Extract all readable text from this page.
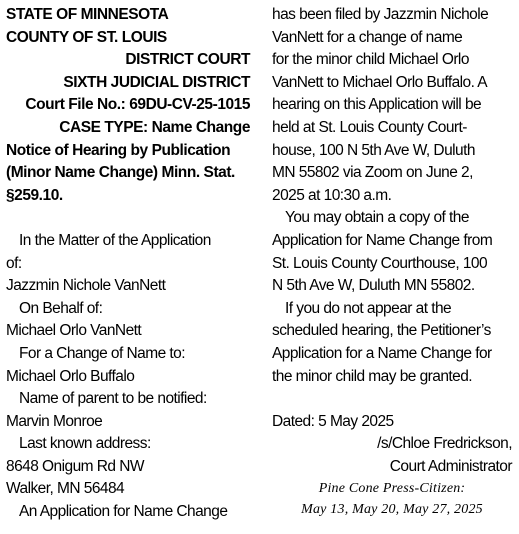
STATE OF MINNESOTA
COUNTY OF ST. LOUIS
DISTRICT COURT
SIXTH JUDICIAL DISTRICT
Court File No.: 69DU-CV-25-1015
CASE TYPE: Name Change
Notice of Hearing by Publication
(Minor Name Change) Minn. Stat.
§259.10.
In the Matter of the Application
of:
Jazzmin Nichole VanNett
On Behalf of:
Michael Orlo VanNett
For a Change of Name to:
Michael Orlo Buffalo
Name of parent to be notified:
Marvin Monroe
Last known address:
8648 Onigum Rd NW
Walker, MN 56484
An Application for Name Change
has been filed by Jazzmin Nichole
VanNett for a change of name
for the minor child Michael Orlo
VanNett to Michael Orlo Buffalo. A
hearing on this Application will be
held at St. Louis County Court-
house, 100 N 5th Ave W, Duluth
MN 55802 via Zoom on June 2,
2025 at 10:30 a.m.
You may obtain a copy of the
Application for Name Change from
St. Louis County Courthouse, 100
N 5th Ave W, Duluth MN 55802.
If you do not appear at the
scheduled hearing, the Petitioner’s
Application for a Name Change for
the minor child may be granted.
Dated: 5 May 2025
/s/Chloe Fredrickson,
Court Administrator
Pine Cone Press-Citizen:
May 13, May 20, May 27, 2025
